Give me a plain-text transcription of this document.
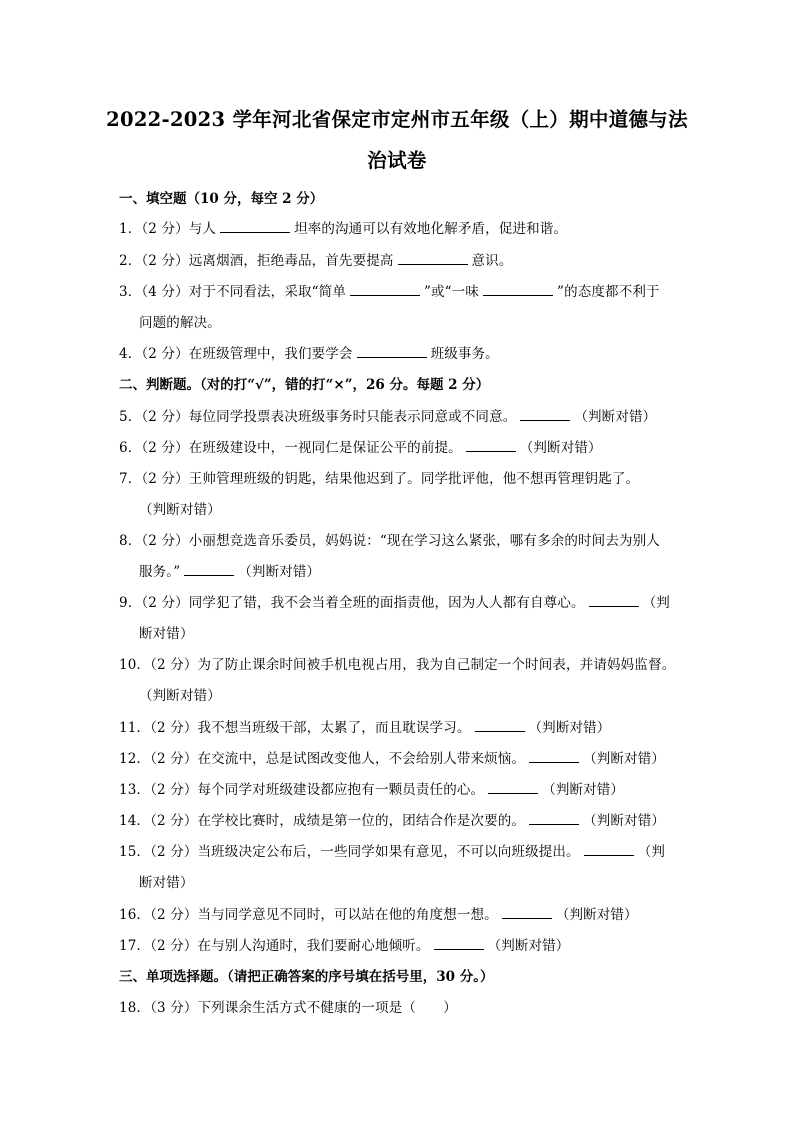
2022-2023 学年河北省保定市定州市五年级（上）期中道德与法
治试卷
一、填空题（10 分，每空 2 分）
1．（2 分）与人	坦率的沟通可以有效地化解矛盾，促进和谐。
2．（2 分）远离烟酒，拒绝毒品，首先要提高	意识。
3．（4 分）对于不同看法，采取“简单	”或“一味	”的态度都不利于
问题的解决。
4．（2 分）在班级管理中，我们要学会	班级事务。
二、判断题。（对的打“√”，错的打“×”，26 分。每题 2 分）
5．（2 分）每位同学投票表决班级事务时只能表示同意或不同意。	（判断对错）
6．（2 分）在班级建设中，一视同仁是保证公平的前提。	（判断对错）
7．（2 分）王帅管理班级的钥匙，结果他迟到了。同学批评他，他不想再管理钥匙了。
（判断对错）
8．（2 分）小丽想竞选音乐委员，妈妈说：“现在学习这么紧张，哪有多余的时间去为别人
服务。”	（判断对错）
9．（2 分）同学犯了错，我不会当着全班的面指责他，因为人人都有自尊心。	（判
断对错）
10．（2 分）为了防止课余时间被手机电视占用，我为自己制定一个时间表，并请妈妈监督。
（判断对错）
11．（2 分）我不想当班级干部，太累了，而且耽误学习。	（判断对错）
12．（2 分）在交流中，总是试图改变他人，不会给别人带来烦恼。	（判断对错）
13．（2 分）每个同学对班级建设都应抱有一颗员责任的心。	（判断对错）
14．（2 分）在学校比赛时，成绩是第一位的，团结合作是次要的。	（判断对错）
15．（2 分）当班级决定公布后，一些同学如果有意见，不可以向班级提出。	（判
断对错）
16．（2 分）当与同学意见不同时，可以站在他的角度想一想。	（判断对错）
17．（2 分）在与别人沟通时，我们要耐心地倾听。	（判断对错）
三、单项选择题。（请把正确答案的序号填在括号里，30 分。）
18．（3 分）下列课余生活方式不健康的一项是（　　）
